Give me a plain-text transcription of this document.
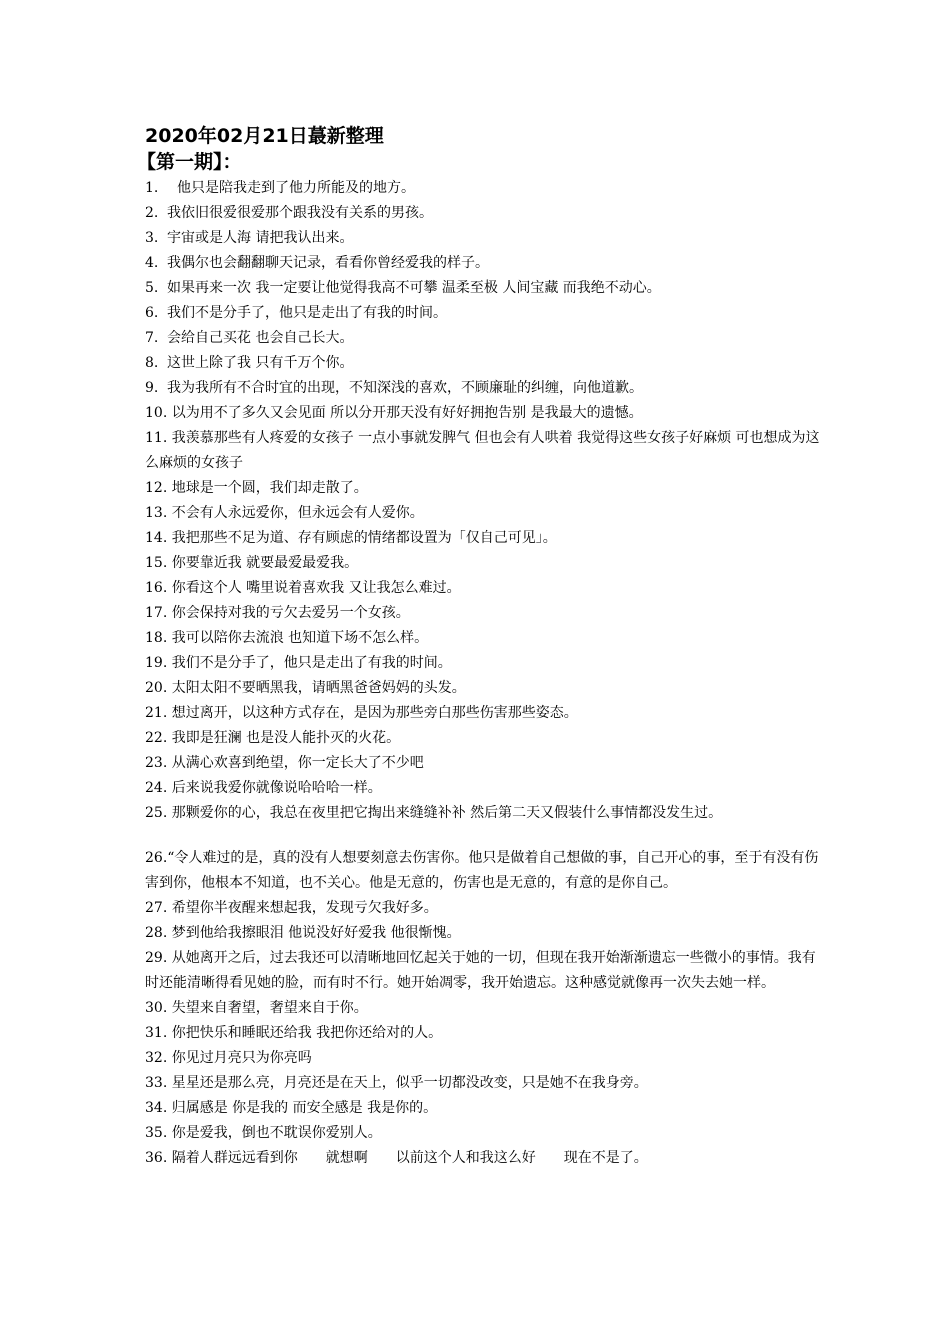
2020年02月21日蕞新整理
【第一期】：

1.	他只是陪我走到了他力所能及的地方。

2. 我依旧很爱很爱那个跟我没有关系的男孩。

3. 宇宙或是人海 请把我认出来。

4. 我偶尔也会翻翻聊天记录，看看你曾经爱我的样子。

5. 如果再来一次 我一定要让他觉得我高不可攀 温柔至极 人间宝藏 而我绝不动心。

6. 我们不是分手了，他只是走出了有我的时间。

7. 会给自己买花 也会自己长大。

8. 这世上除了我 只有千万个你。

9. 我为我所有不合时宜的出现，不知深浅的喜欢，不顾廉耻的纠缠，向他道歉。

10. 以为用不了多久又会见面 所以分开那天没有好好拥抱告别 是我最大的遗憾。

11. 我羡慕那些有人疼爱的女孩子 一点小事就发脾气 但也会有人哄着 我觉得这些女孩子好麻烦 可也想成为这么麻烦的女孩子

12. 地球是一个圆，我们却走散了。

13. 不会有人永远爱你，但永远会有人爱你。

14. 我把那些不足为道、存有顾虑的情绪都设置为「仅自己可见」。

15. 你要靠近我 就要最爱最爱我。

16. 你看这个人 嘴里说着喜欢我 又让我怎么难过。

17. 你会保持对我的亏欠去爱另一个女孩。

18. 我可以陪你去流浪 也知道下场不怎么样。

19. 我们不是分手了，他只是走出了有我的时间。

20. 太阳太阳不要晒黑我，请晒黑爸爸妈妈的头发。

21. 想过离开，以这种方式存在，是因为那些旁白那些伤害那些姿态。

22. 我即是狂澜 也是没人能扑灭的火花。

23. 从满心欢喜到绝望，你一定长大了不少吧

24. 后来说我爱你就像说哈哈哈一样。

25. 那颗爱你的心，我总在夜里把它掏出来缝缝补补 然后第二天又假装什么事情都没发生过。

26.“令人难过的是，真的没有人想要刻意去伤害你。他只是做着自己想做的事，自己开心的事，至于有没有伤害到你，他根本不知道，也不关心。他是无意的，伤害也是无意的，有意的是你自己。

27. 希望你半夜醒来想起我，发现亏欠我好多。

28. 梦到他给我擦眼泪 他说没好好爱我 他很惭愧。

29. 从她离开之后，过去我还可以清晰地回忆起关于她的一切，但现在我开始渐渐遗忘一些微小的事情。我有时还能清晰得看见她的脸，而有时不行。她开始凋零，我开始遗忘。这种感觉就像再一次失去她一样。

30. 失望来自奢望，奢望来自于你。

31. 你把快乐和睡眠还给我 我把你还给对的人。

32. 你见过月亮只为你亮吗

33. 星星还是那么亮，月亮还是在天上，似乎一切都没改变，只是她不在我身旁。

34. 归属感是 你是我的 而安全感是 我是你的。

35. 你是爱我，倒也不耽误你爱别人。

36. 隔着人群远远看到你　　就想啊　　以前这个人和我这么好　　现在不是了。
